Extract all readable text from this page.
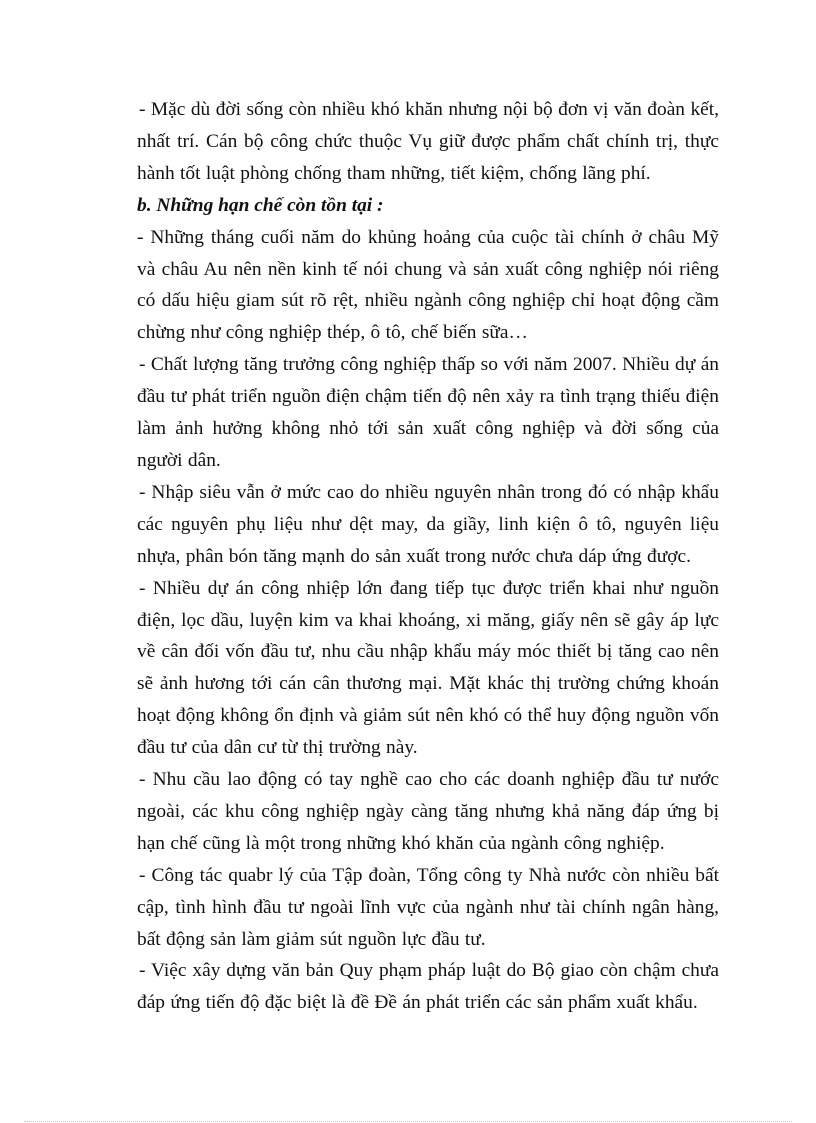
- Mặc dù đời sống còn nhiều khó khăn nhưng nội bộ đơn vị văn đoàn kết, nhất trí. Cán bộ công chức thuộc Vụ giữ được phẩm chất chính trị, thực hành tốt luật phòng chống tham những, tiết kiệm, chống lãng phí.

b. Những hạn chế còn tồn tại :

- Những tháng cuối năm do khủng hoảng của cuộc tài chính ở châu Mỹ và châu Au nên nền kinh tế nói chung và sản xuất công nghiệp nói riêng có dấu hiệu giam sút rõ rệt, nhiều ngành công nghiệp chỉ hoạt động cầm chừng như công nghiệp thép, ô tô, chế biến sữa…

- Chất lượng tăng trưởng công nghiệp thấp so với năm 2007. Nhiều dự án đầu tư phát triển nguồn điện chậm tiến độ nên xảy ra tình trạng thiếu điện làm ảnh hưởng không nhỏ tới sản xuất công nghiệp và đời sống của người dân.

- Nhập siêu vẫn ở mức cao do nhiều nguyên nhân trong đó có nhập khẩu các nguyên phụ liệu như dệt may, da giầy, linh kiện ô tô, nguyên liệu nhựa, phân bón tăng mạnh do sản xuất trong nước chưa dáp ứng được.

- Nhiều dự án công nhiệp lớn đang tiếp tục được triển khai như nguồn điện, lọc dầu, luyện kim va khai khoáng, xi măng, giấy nên sẽ gây áp lực về cân đối vốn đầu tư, nhu cầu nhập khẩu máy móc thiết bị tăng cao nên sẽ ảnh hương tới cán cân thương mại. Mặt khác thị trường chứng khoán hoạt động không ổn định và giảm sút nên khó có thể huy động nguồn vốn đầu tư của dân cư từ thị trường này.

- Nhu cầu lao động có tay nghề cao cho các doanh nghiệp đầu tư nước ngoài, các khu công nghiệp ngày càng tăng nhưng khả năng đáp ứng bị hạn chế cũng là một trong những khó khăn của ngành công nghiệp.

- Công tác quabr lý của Tập đoàn, Tổng công ty Nhà nước còn nhiều bất cập, tình hình đầu tư ngoài lĩnh vực của ngành như tài chính ngân hàng, bất động sản làm giảm sút nguồn lực đầu tư.

- Việc xây dựng văn bản Quy phạm pháp luật do Bộ giao còn chậm chưa đáp ứng tiến độ đặc biệt là đề Đề án phát triển các sản phẩm xuất khẩu.
